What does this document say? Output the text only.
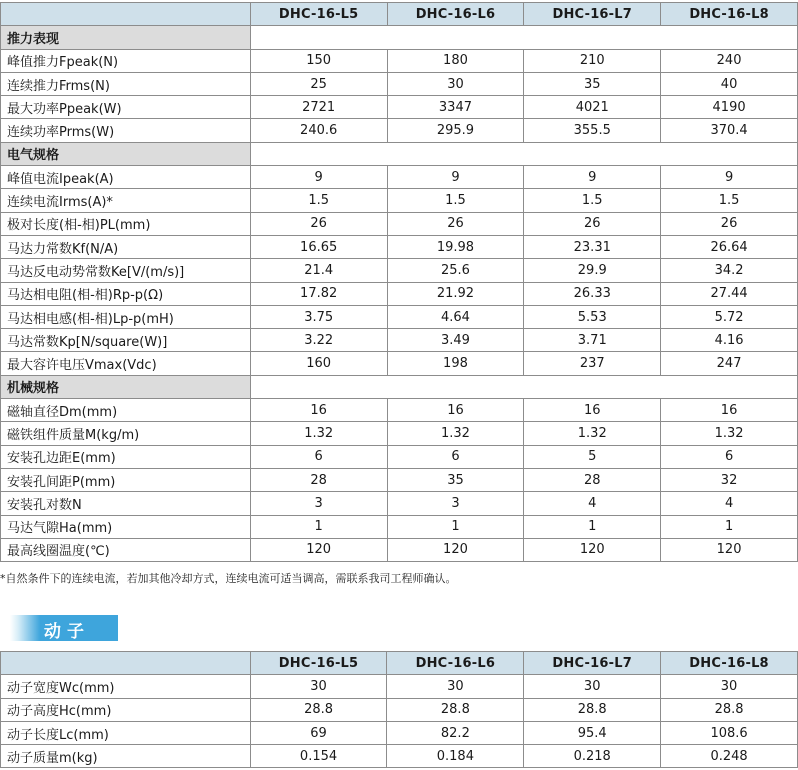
	DHC-16-L5	DHC-16-L6	DHC-16-L7	DHC-16-L8
推力表现				
峰值推力Fpeak(N)	150	180	210	240
连续推力Frms(N)	25	30	35	40
最大功率Ppeak(W)	2721	3347	4021	4190
连续功率Prms(W)	240.6	295.9	355.5	370.4
电气规格				
峰值电流Ipeak(A)	9	9	9	9
连续电流Irms(A)*	1.5	1.5	1.5	1.5
极对长度(相-相)PL(mm)	26	26	26	26
马达力常数Kf(N/A)	16.65	19.98	23.31	26.64
马达反电动势常数Ke[V/(m/s)]	21.4	25.6	29.9	34.2
马达相电阻(相-相)Rp-p(Ω)	17.82	21.92	26.33	27.44
马达相电感(相-相)Lp-p(mH)	3.75	4.64	5.53	5.72
马达常数Kp[N/square(W)]	3.22	3.49	3.71	4.16
最大容许电压Vmax(Vdc)	160	198	237	247
机械规格				
磁轴直径Dm(mm)	16	16	16	16
磁铁组件质量M(kg/m)	1.32	1.32	1.32	1.32
安装孔边距E(mm)	6	6	5	6
安装孔间距P(mm)	28	35	28	32
安装孔对数N	3	3	4	4
马达气隙Ha(mm)	1	1	1	1
最高线圈温度(℃)	120	120	120	120
*自然条件下的连续电流，若加其他冷却方式，连续电流可适当调高，需联系我司工程师确认。
动子
	DHC-16-L5	DHC-16-L6	DHC-16-L7	DHC-16-L8
动子宽度Wc(mm)	30	30	30	30
动子高度Hc(mm)	28.8	28.8	28.8	28.8
动子长度Lc(mm)	69	82.2	95.4	108.6
动子质量m(kg)	0.154	0.184	0.218	0.248
